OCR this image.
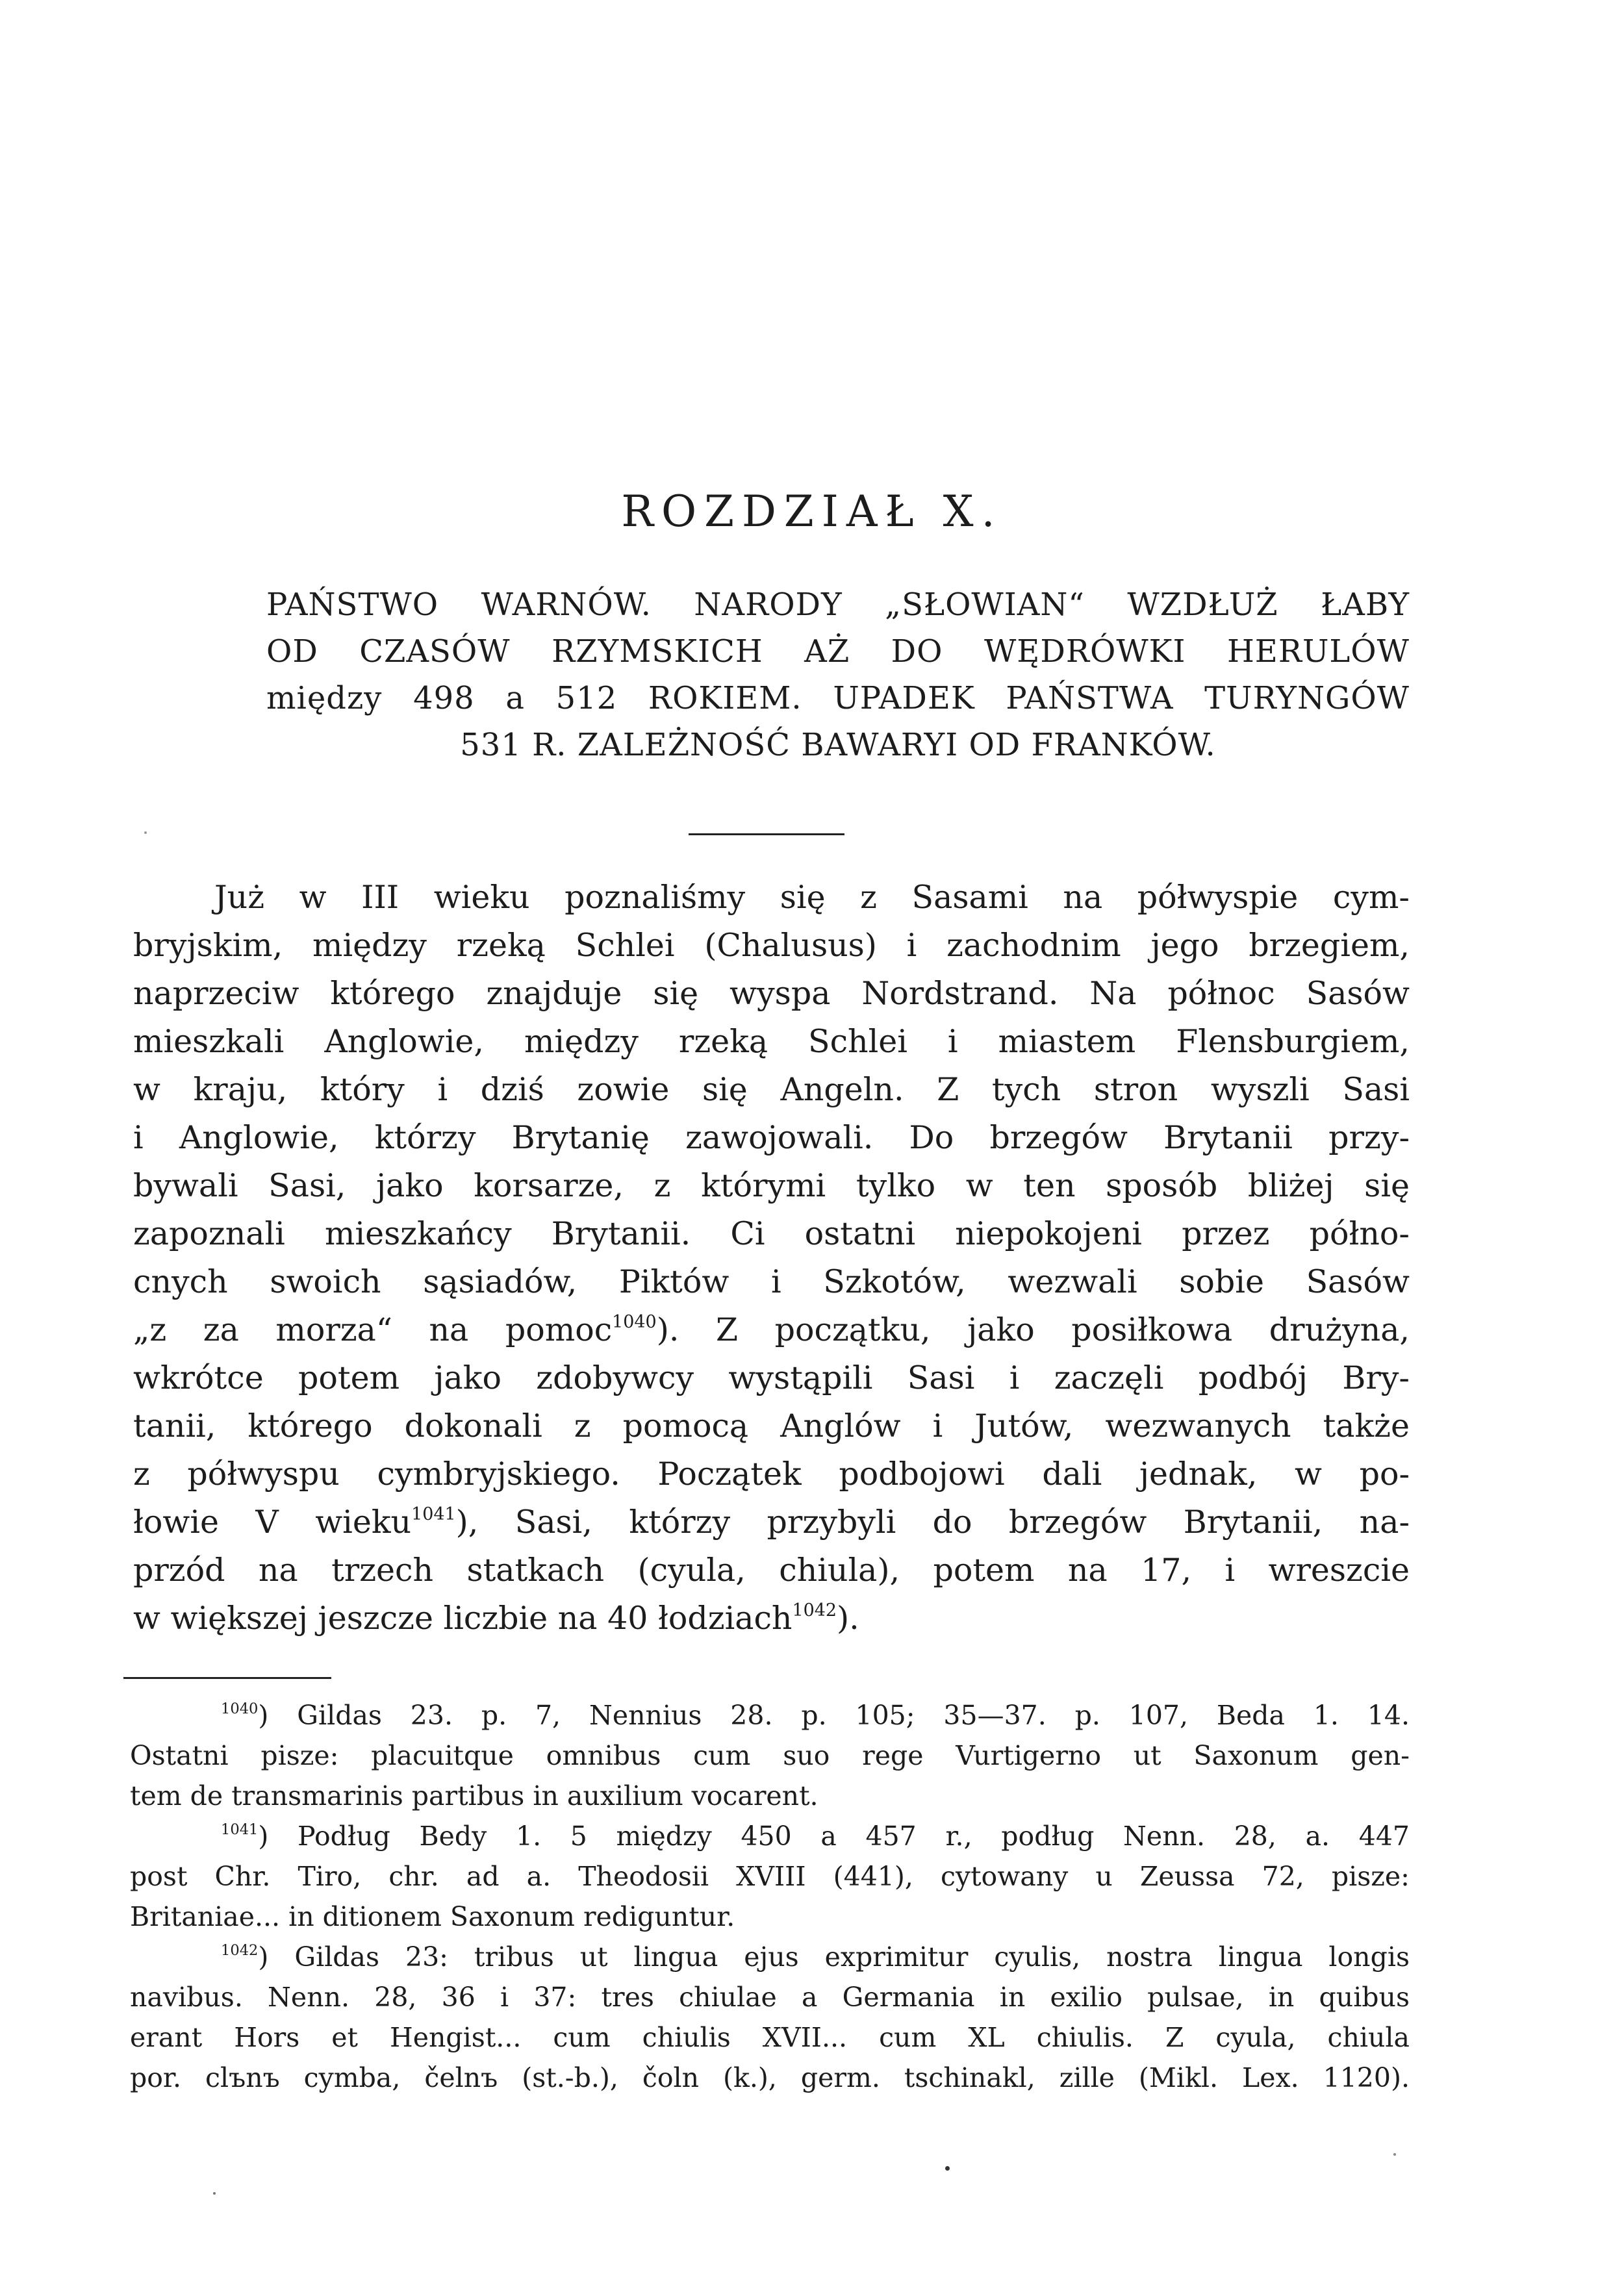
ROZDZIAŁ X.
PAŃSTWO WARNÓW. NARODY „SŁOWIAN“ WZDŁUŻ ŁABY
OD CZASÓW RZYMSKICH AŻ DO WĘDRÓWKI HERULÓW
między 498 a 512 ROKIEM. UPADEK PAŃSTWA TURYNGÓW
531 R. ZALEŻNOŚĆ BAWARYI OD FRANKÓW.
Już w III wieku poznaliśmy się z Sasami na półwyspie cym-
bryjskim, między rzeką Schlei (Chalusus) i zachodnim jego brzegiem,
naprzeciw którego znajduje się wyspa Nordstrand. Na północ Sasów
mieszkali Anglowie, między rzeką Schlei i miastem Flensburgiem,
w kraju, który i dziś zowie się Angeln. Z tych stron wyszli Sasi
i Anglowie, którzy Brytanię zawojowali. Do brzegów Brytanii przy-
bywali Sasi, jako korsarze, z którymi tylko w ten sposób bliżej się
zapoznali mieszkańcy Brytanii. Ci ostatni niepokojeni przez półno-
cnych swoich sąsiadów, Piktów i Szkotów, wezwali sobie Sasów
„z za morza“ na pomoc$^{1040}$). Z początku, jako posiłkowa drużyna,
wkrótce potem jako zdobywcy wystąpili Sasi i zaczęli podbój Bry-
tanii, którego dokonali z pomocą Anglów i Jutów, wezwanych także
z półwyspu cymbryjskiego. Początek podbojowi dali jednak, w po-
łowie V wieku$^{1041}$), Sasi, którzy przybyli do brzegów Brytanii, na-
przód na trzech statkach (cyula, chiula), potem na 17, i wreszcie
w większej jeszcze liczbie na 40 łodziach$^{1042}$).
$^{1040}$) Gildas 23. p. 7, Nennius 28. p. 105; 35—37. p. 107, Beda 1. 14.
Ostatni pisze: placuitque omnibus cum suo rege Vurtigerno ut Saxonum gen-
tem de transmarinis partibus in auxilium vocarent.
$^{1041}$) Podług Bedy 1. 5 między 450 a 457 r., podług Nenn. 28, a. 447
post Chr. Tiro, chr. ad a. Theodosii XVIII (441), cytowany u Zeussa 72, pisze:
Britaniae... in ditionem Saxonum rediguntur.
$^{1042}$) Gildas 23: tribus ut lingua ejus exprimitur cyulis, nostra lingua longis
navibus. Nenn. 28, 36 i 37: tres chiulae a Germania in exilio pulsae, in quibus
erant Hors et Hengist... cum chiulis XVII... cum XL chiulis. Z cyula, chiula
por. clъnъ cymba, čelnъ (st.-b.), čoln (k.), germ. tschinakl, zille (Mikl. Lex. 1120).
